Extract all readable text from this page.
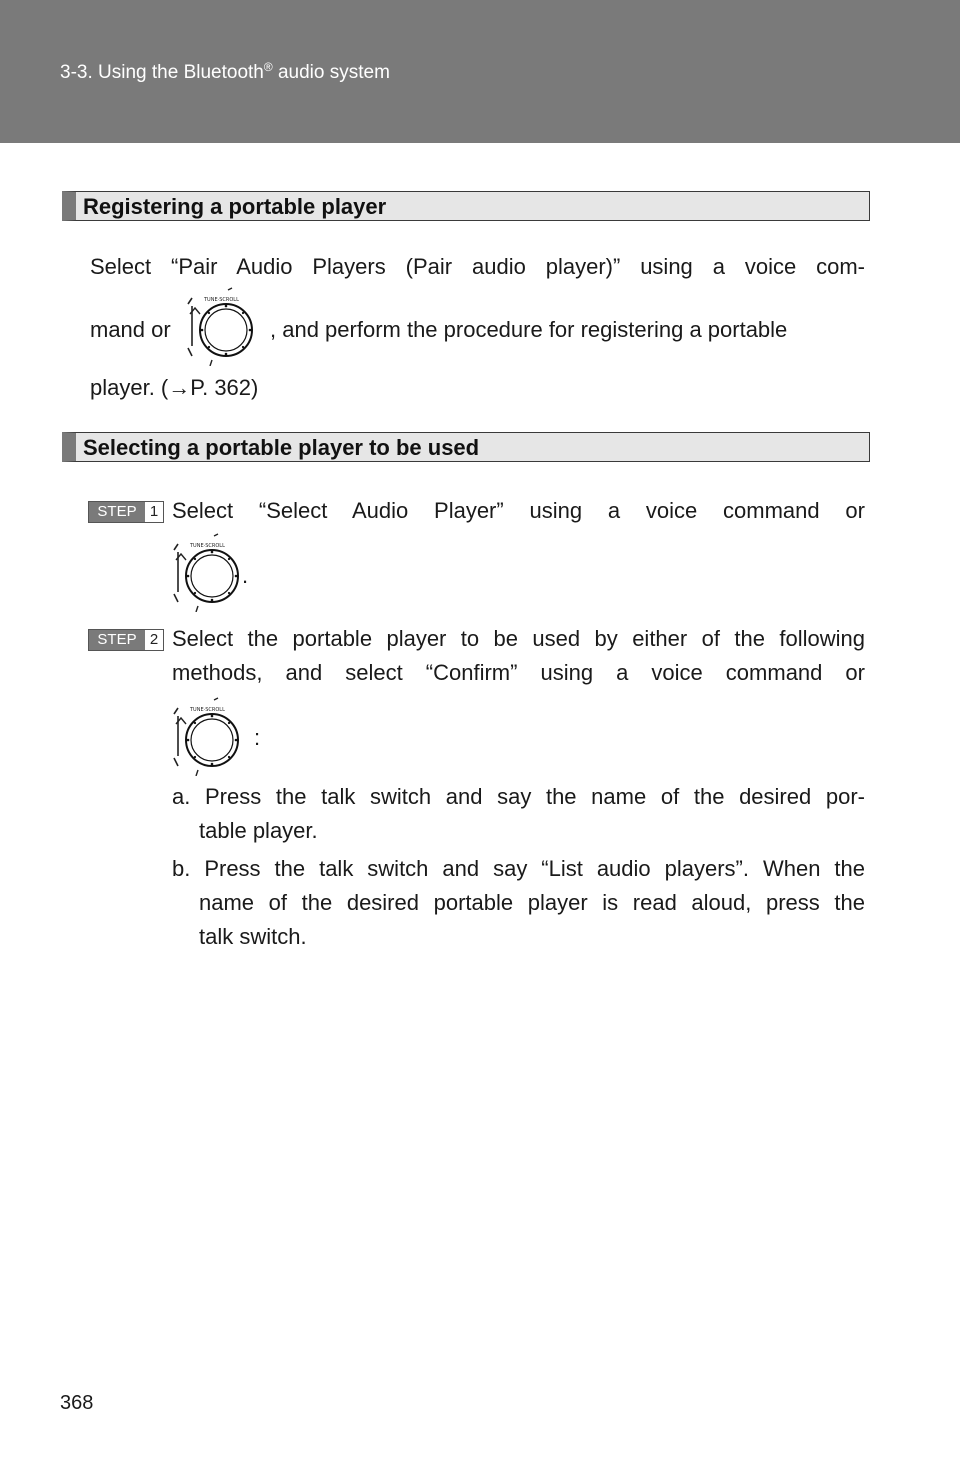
3-3. Using the Bluetooth® audio system
Registering a portable player
Select “Pair Audio Players (Pair audio player)” using a voice com-
mand or
TUNE·SCROLL
, and perform the procedure for registering a portable
player. (→P. 362)
Selecting a portable player to be used
STEP 1 Select “Select Audio Player” using a voice command or
TUNE·SCROLL
.
STEP 2 Select the portable player to be used by either of the following
methods, and select “Confirm” using a voice command or
TUNE·SCROLL
:
a. Press the talk switch and say the name of the desired por-
table player.
b. Press the talk switch and say “List audio players”. When the
name of the desired portable player is read aloud, press the
talk switch.
368
